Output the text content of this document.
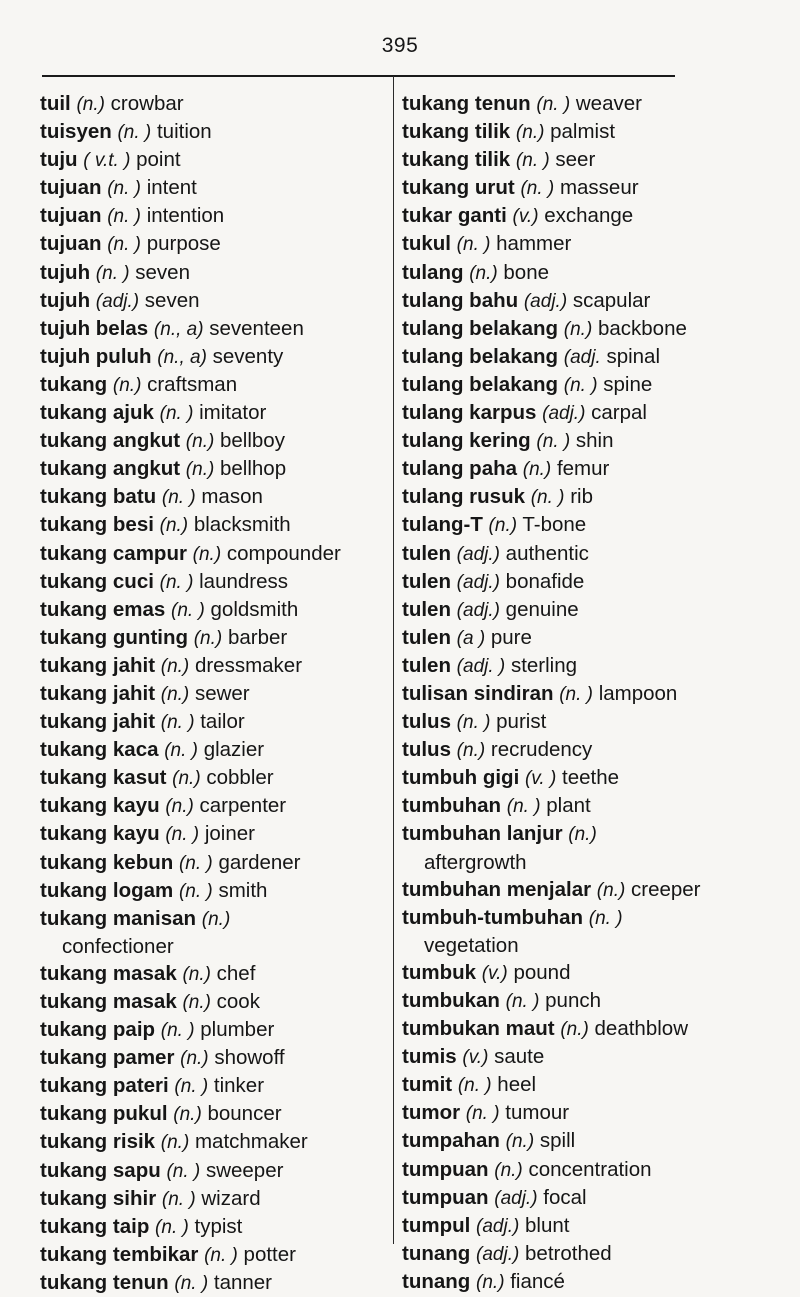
395
tuil (n.) crowbar
tuisyen (n. ) tuition
tuju ( v.t. ) point
tujuan (n. ) intent
tujuan (n. ) intention
tujuan (n. ) purpose
tujuh (n. ) seven
tujuh (adj.) seven
tujuh belas (n., a) seventeen
tujuh puluh (n., a) seventy
tukang (n.) craftsman
tukang ajuk (n. ) imitator
tukang angkut (n.) bellboy
tukang angkut (n.) bellhop
tukang batu (n. ) mason
tukang besi (n.) blacksmith
tukang campur (n.) compounder
tukang cuci (n. ) laundress
tukang emas (n. ) goldsmith
tukang gunting (n.) barber
tukang jahit (n.) dressmaker
tukang jahit (n.) sewer
tukang jahit (n. ) tailor
tukang kaca (n. ) glazier
tukang kasut (n.) cobbler
tukang kayu (n.) carpenter
tukang kayu (n. ) joiner
tukang kebun (n. ) gardener
tukang logam (n. ) smith
tukang manisan (n.)
confectioner
tukang masak (n.) chef
tukang masak (n.) cook
tukang paip (n. ) plumber
tukang pamer (n.) showoff
tukang pateri (n. ) tinker
tukang pukul (n.) bouncer
tukang risik (n.) matchmaker
tukang sapu (n. ) sweeper
tukang sihir (n. ) wizard
tukang taip (n. ) typist
tukang tembikar (n. ) potter
tukang tenun (n. ) tanner
tukang tenun (n. ) weaver
tukang tilik (n.) palmist
tukang tilik (n. ) seer
tukang urut (n. ) masseur
tukar ganti (v.) exchange
tukul (n. ) hammer
tulang (n.) bone
tulang bahu (adj.) scapular
tulang belakang (n.) backbone
tulang belakang (adj. spinal
tulang belakang (n. ) spine
tulang karpus (adj.) carpal
tulang kering (n. ) shin
tulang paha (n.) femur
tulang rusuk (n. ) rib
tulang-T (n.) T-bone
tulen (adj.) authentic
tulen (adj.) bonafide
tulen (adj.) genuine
tulen (a ) pure
tulen (adj. ) sterling
tulisan sindiran (n. ) lampoon
tulus (n. ) purist
tulus (n.) recrudency
tumbuh gigi (v. ) teethe
tumbuhan (n. ) plant
tumbuhan lanjur (n.)
aftergrowth
tumbuhan menjalar (n.) creeper
tumbuh-tumbuhan (n. )
vegetation
tumbuk (v.) pound
tumbukan (n. ) punch
tumbukan maut (n.) deathblow
tumis (v.) saute
tumit (n. ) heel
tumor (n. ) tumour
tumpahan (n.) spill
tumpuan (n.) concentration
tumpuan (adj.) focal
tumpul (adj.) blunt
tunang (adj.) betrothed
tunang (n.) fiancé
